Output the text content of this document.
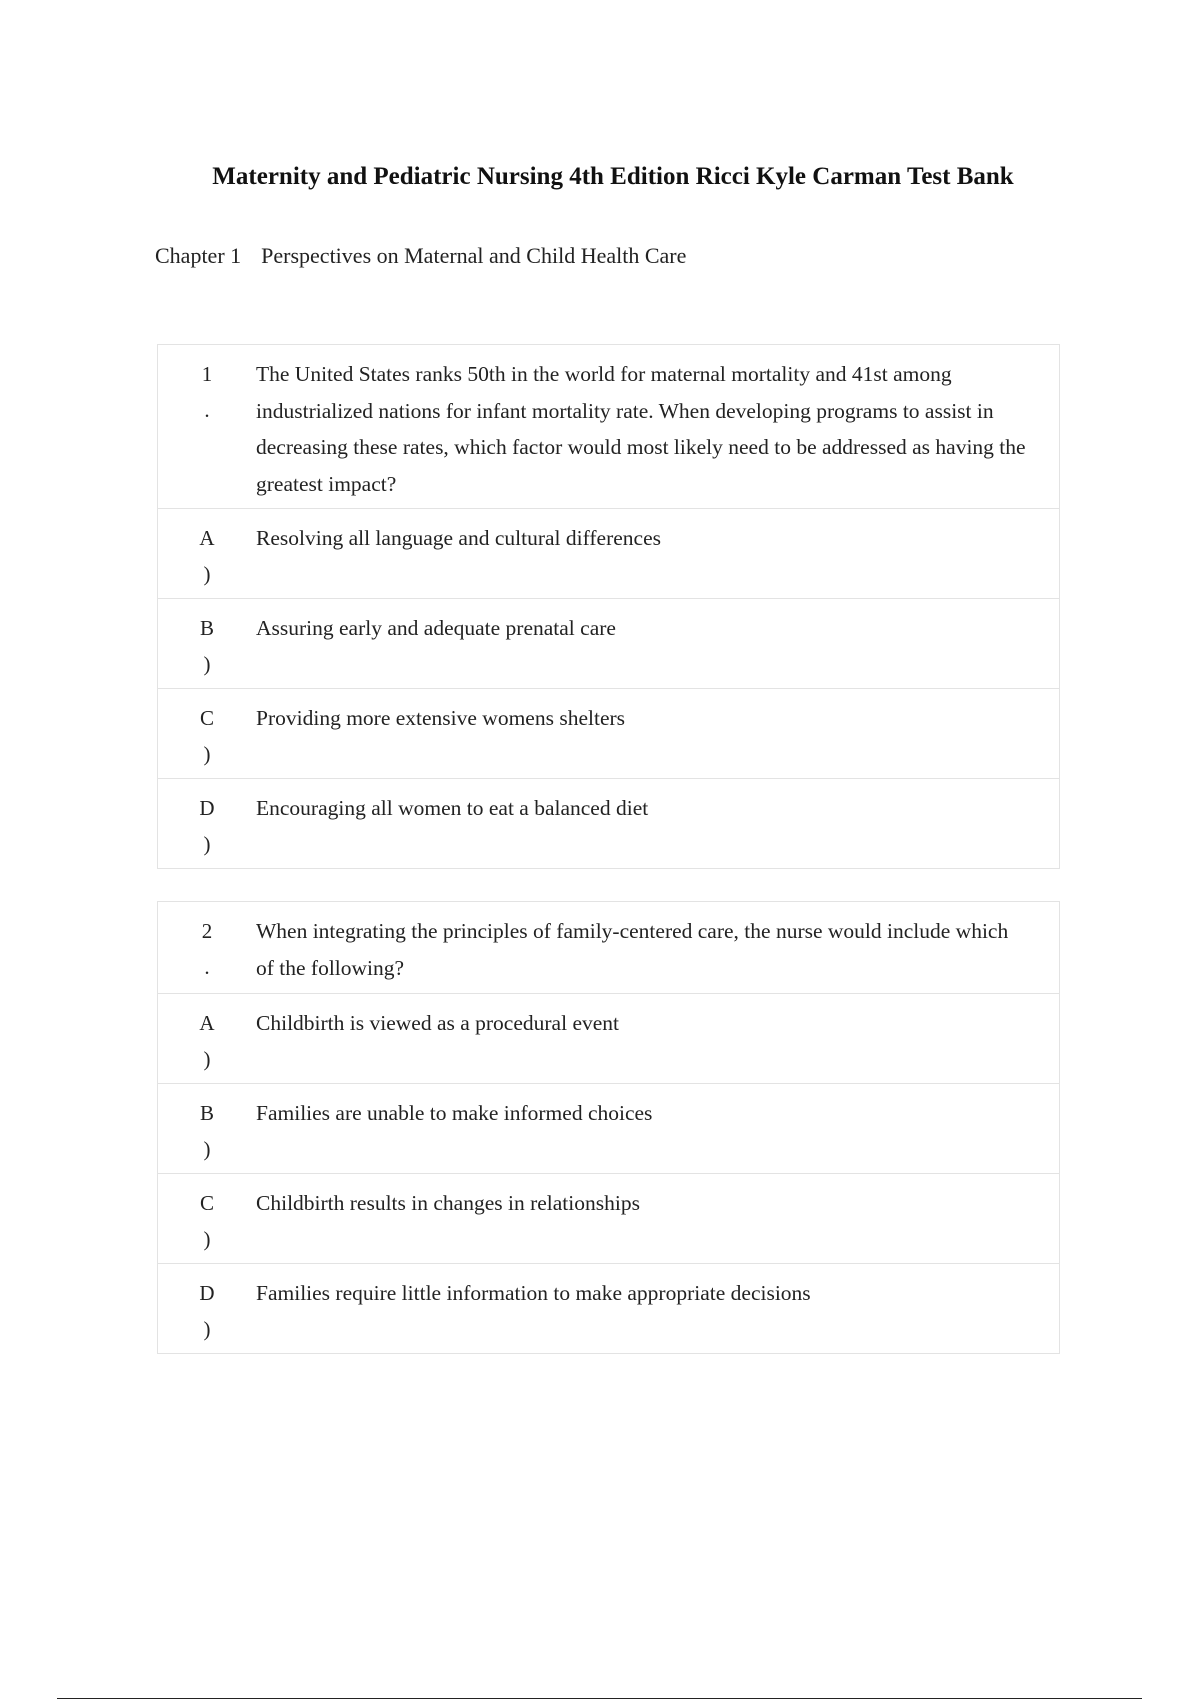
Maternity and Pediatric Nursing 4th Edition Ricci Kyle Carman Test Bank
Chapter 1 Perspectives on Maternal and Child Health Care
1
.
The United States ranks 50th in the world for maternal mortality and 41st among industrialized nations for infant mortality rate. When developing programs to assist in decreasing these rates, which factor would most likely need to be addressed as having the greatest impact?
A
)
Resolving all language and cultural differences
B
)
Assuring early and adequate prenatal care
C
)
Providing more extensive womens shelters
D
)
Encouraging all women to eat a balanced diet
2
.
When integrating the principles of family-centered care, the nurse would include which of the following?
A
)
Childbirth is viewed as a procedural event
B
)
Families are unable to make informed choices
C
)
Childbirth results in changes in relationships
D
)
Families require little information to make appropriate decisions
